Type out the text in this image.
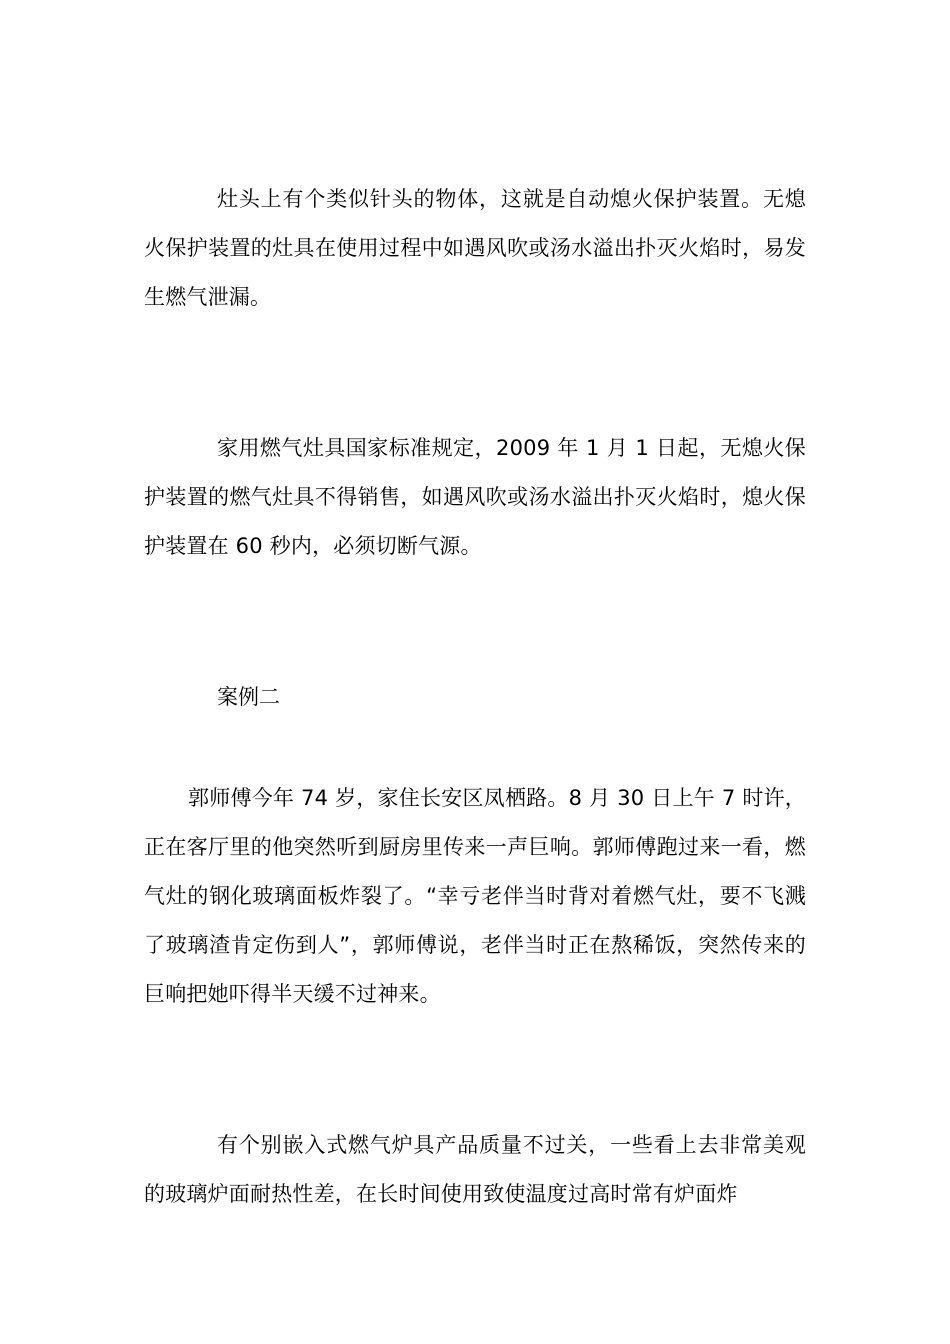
灶头上有个类似针头的物体，这就是自动熄火保护装置。无熄火保护装置的灶具在使用过程中如遇风吹或汤水溢出扑灭火焰时，易发生燃气泄漏。

家用燃气灶具国家标准规定，2009 年 1 月 1 日起，无熄火保护装置的燃气灶具不得销售，如遇风吹或汤水溢出扑灭火焰时，熄火保护装置在 60 秒内，必须切断气源。

案例二

郭师傅今年 74 岁，家住长安区凤栖路。8 月 30 日上午 7 时许，正在客厅里的他突然听到厨房里传来一声巨响。郭师傅跑过来一看，燃气灶的钢化玻璃面板炸裂了。“幸亏老伴当时背对着燃气灶，要不飞溅了玻璃渣肯定伤到人”，郭师傅说，老伴当时正在熬稀饭，突然传来的巨响把她吓得半天缓不过神来。

有个别嵌入式燃气炉具产品质量不过关，一些看上去非常美观的玻璃炉面耐热性差，在长时间使用致使温度过高时常有炉面炸
